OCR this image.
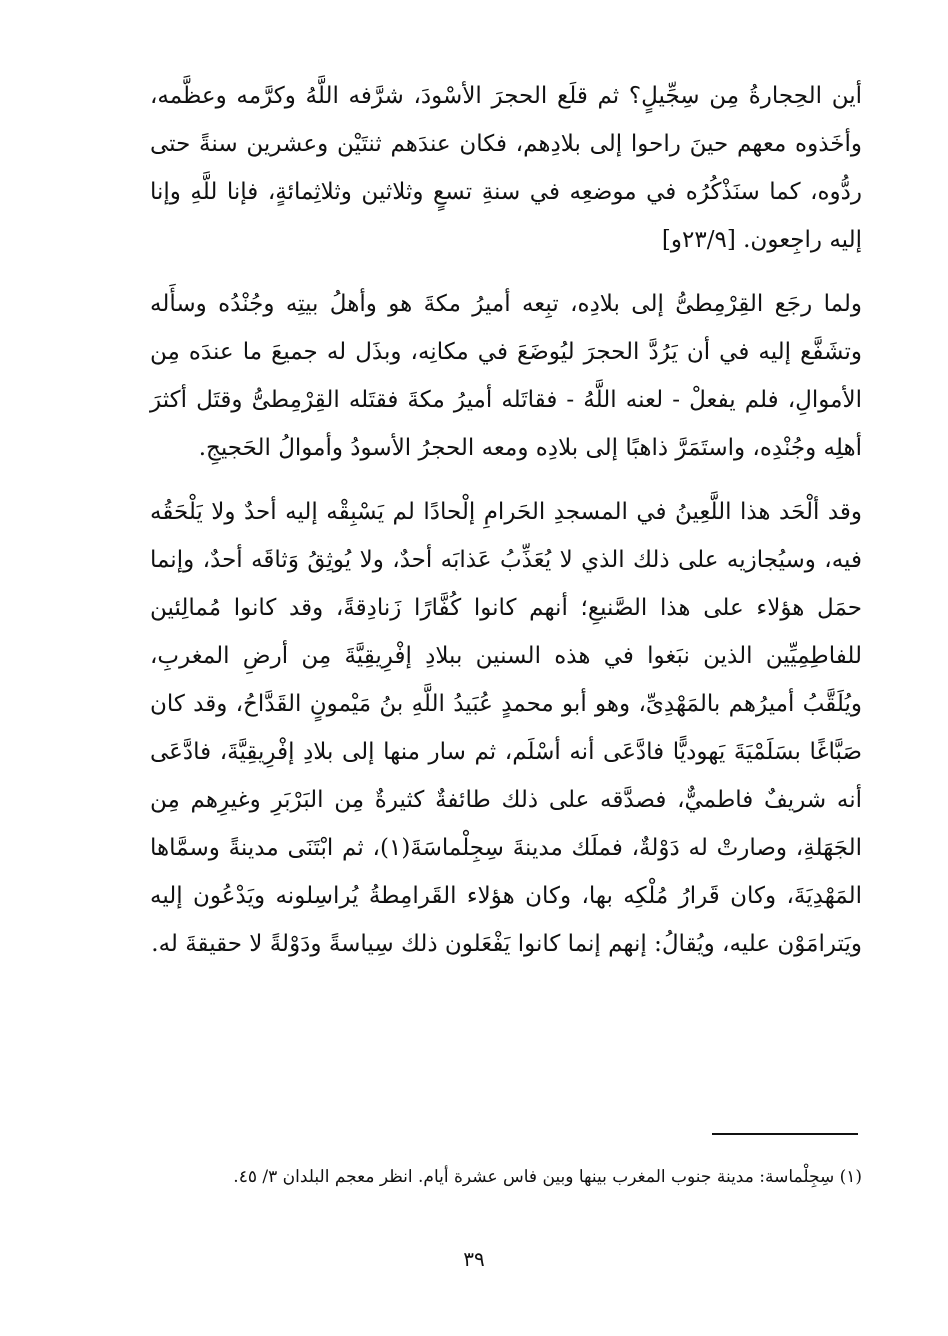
أين الحِجارةُ مِن سِجِّيلٍ؟ ثم قلَع الحجرَ الأسْودَ، شرَّفه اللَّهُ وكرَّمه وعظَّمه، وأخَذوه معهم حينَ راحوا إلى بلادِهم، فكان عندَهم ثنتَيْن وعشرين سنةً حتى ردُّوه، كما سنَذْكُرُه في موضعِه في سنةِ تسعٍ وثلاثين وثلاثِمائةٍ، فإنا للَّهِ وإنا إليه راجِعون. [٢٣/٩و]

ولما رجَع القِرْمِطىُّ إلى بلادِه، تبِعه أميرُ مكةَ هو وأهلُ بيتِه وجُنْدُه وسأَله وتشَفَّع إليه في أن يَرُدَّ الحجرَ ليُوضَعَ في مكانِه، وبذَل له جميعَ ما عندَه مِن الأموالِ، فلم يفعلْ - لعنه اللَّهُ - فقاتَله أميرُ مكةَ فقتَله القِرْمِطىُّ وقتَل أكثرَ أهلِه وجُنْدِه، واستَمَرَّ ذاهبًا إلى بلادِه ومعه الحجرُ الأسودُ وأموالُ الحَجيجِ.

وقد ألْحَد هذا اللَّعِينُ في المسجدِ الحَرامِ إلْحادًا لم يَسْبِقْه إليه أحدٌ ولا يَلْحَقُه فيه، وسيُجازيه على ذلك الذي لا يُعَذِّبُ عَذابَه أحدٌ، ولا يُوثِقُ وَثاقَه أحدٌ، وإنما حمَل هؤلاء على هذا الصَّنيعِ؛ أنهم كانوا كُفَّارًا زَنادِقةً، وقد كانوا مُمالِئين للفاطِمِيِّين الذين نبَغوا في هذه السنين ببلادِ إفْرِيقِيَّةَ مِن أرضِ المغربِ، ويُلَقَّبُ أميرُهم بالمَهْدِىِّ، وهو أبو محمدٍ عُبَيدُ اللَّهِ بنُ مَيْمونٍ القَدَّاحُ، وقد كان صَبَّاغًا بسَلَمْيَةَ يَهوديًّا فادَّعَى أنه أسْلَم، ثم سار منها إلى بلادِ إفْرِيقِيَّةَ، فادَّعَى أنه شريفٌ فاطميٌّ، فصدَّقه على ذلك طائفةٌ كثيرةٌ مِن البَرْبَرِ وغيرِهم مِن الجَهَلةِ، وصارتْ له دَوْلةٌ، فملَك مدينةَ سِجِلْماسَةَ(١)، ثم ابْتَنَى مدينةً وسمَّاها المَهْدِيَةَ، وكان قَرارُ مُلْكِه بها، وكان هؤلاء القَرامِطةُ يُراسِلونه ويَدْعُون إليه ويَترامَوْن عليه، ويُقالُ: إنهم إنما كانوا يَفْعَلون ذلك سِياسةً ودَوْلةً لا حقيقةَ له.

(١) سِجِلْماسة: مدينة جنوب المغرب بينها وبين فاس عشرة أيام. انظر معجم البلدان ٣/ ٤٥.
٣٩
